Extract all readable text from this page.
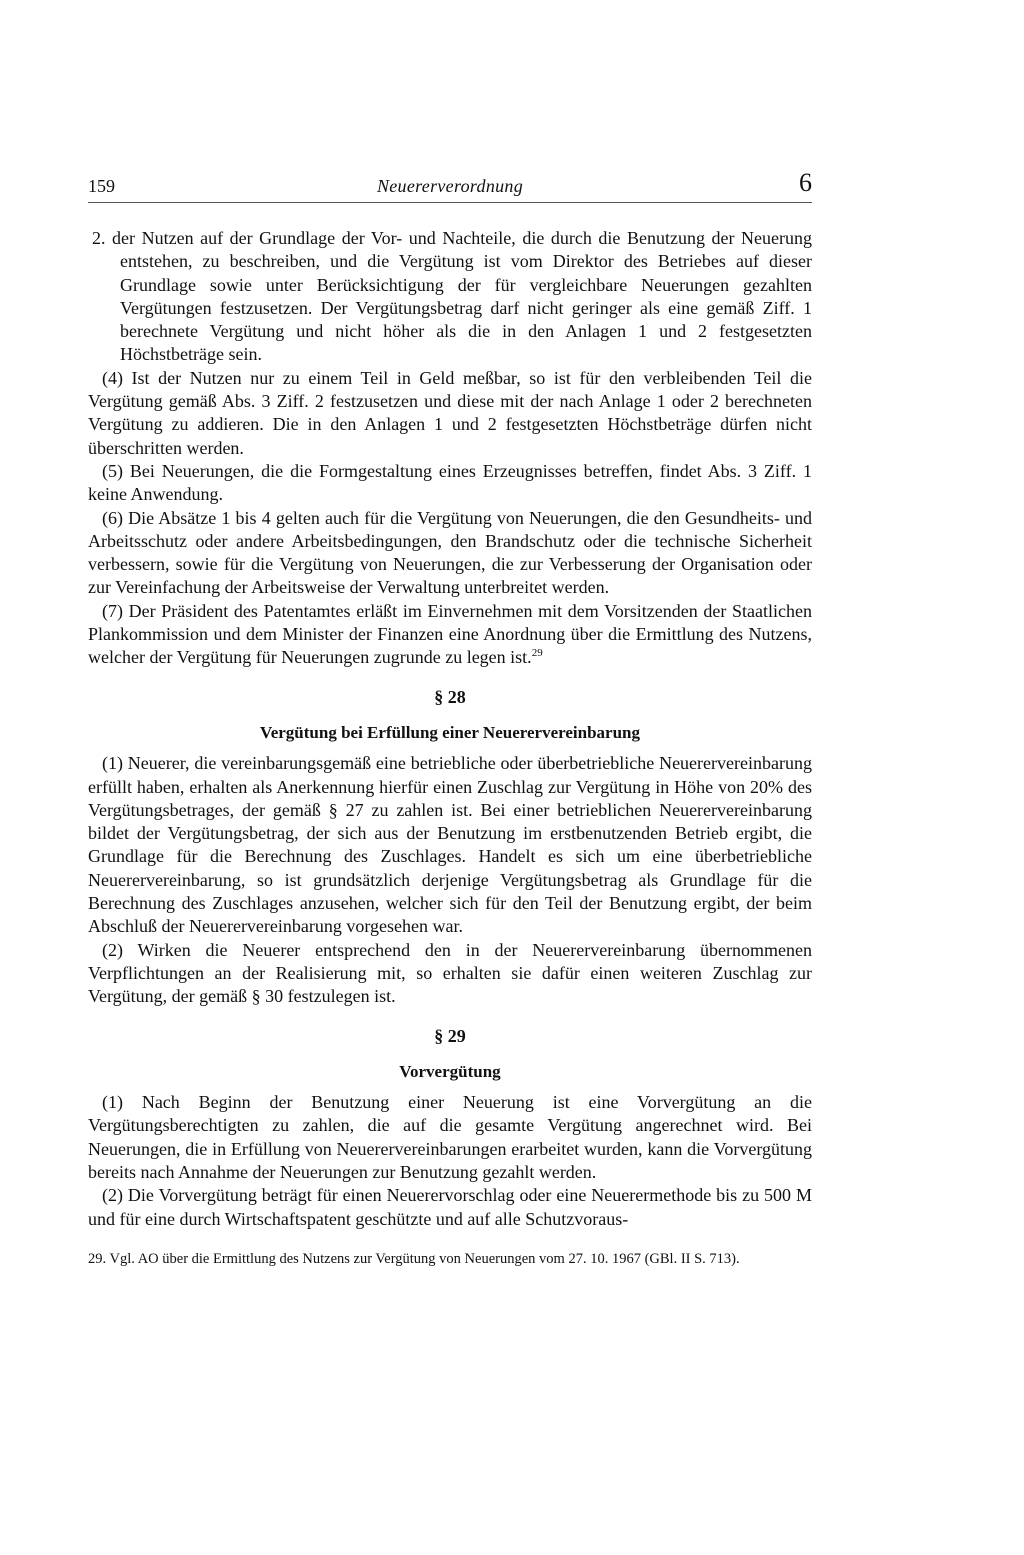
159	Neuererverordnung	6

2. der Nutzen auf der Grundlage der Vor- und Nachteile, die durch die Benutzung der Neuerung entstehen, zu beschreiben, und die Vergütung ist vom Direktor des Betriebes auf dieser Grundlage sowie unter Berücksichtigung der für vergleichbare Neuerungen gezahlten Vergütungen festzusetzen. Der Vergütungsbetrag darf nicht geringer als eine gemäß Ziff. 1 berechnete Vergütung und nicht höher als die in den Anlagen 1 und 2 festgesetzten Höchstbeträge sein.

(4) Ist der Nutzen nur zu einem Teil in Geld meßbar, so ist für den verbleibenden Teil die Vergütung gemäß Abs. 3 Ziff. 2 festzusetzen und diese mit der nach Anlage 1 oder 2 berechneten Vergütung zu addieren. Die in den Anlagen 1 und 2 festgesetzten Höchstbeträge dürfen nicht überschritten werden.

(5) Bei Neuerungen, die die Formgestaltung eines Erzeugnisses betreffen, findet Abs. 3 Ziff. 1 keine Anwendung.

(6) Die Absätze 1 bis 4 gelten auch für die Vergütung von Neuerungen, die den Gesundheits- und Arbeitsschutz oder andere Arbeitsbedingungen, den Brandschutz oder die technische Sicherheit verbessern, sowie für die Vergütung von Neuerungen, die zur Verbesserung der Organisation oder zur Vereinfachung der Arbeitsweise der Verwaltung unterbreitet werden.

(7) Der Präsident des Patentamtes erläßt im Einvernehmen mit dem Vorsitzenden der Staatlichen Plankommission und dem Minister der Finanzen eine Anordnung über die Ermittlung des Nutzens, welcher der Vergütung für Neuerungen zugrunde zu legen ist.$^{29}$

§ 28
Vergütung bei Erfüllung einer Neuerervereinbarung

(1) Neuerer, die vereinbarungsgemäß eine betriebliche oder überbetriebliche Neuerervereinbarung erfüllt haben, erhalten als Anerkennung hierfür einen Zuschlag zur Vergütung in Höhe von 20% des Vergütungsbetrages, der gemäß § 27 zu zahlen ist. Bei einer betrieblichen Neuerervereinbarung bildet der Vergütungsbetrag, der sich aus der Benutzung im erstbenutzenden Betrieb ergibt, die Grundlage für die Berechnung des Zuschlages. Handelt es sich um eine überbetriebliche Neuerervereinbarung, so ist grundsätzlich derjenige Vergütungsbetrag als Grundlage für die Berechnung des Zuschlages anzusehen, welcher sich für den Teil der Benutzung ergibt, der beim Abschluß der Neuerervereinbarung vorgesehen war.

(2) Wirken die Neuerer entsprechend den in der Neuerervereinbarung übernommenen Verpflichtungen an der Realisierung mit, so erhalten sie dafür einen weiteren Zuschlag zur Vergütung, der gemäß § 30 festzulegen ist.

§ 29
Vorvergütung

(1) Nach Beginn der Benutzung einer Neuerung ist eine Vorvergütung an die Vergütungsberechtigten zu zahlen, die auf die gesamte Vergütung angerechnet wird. Bei Neuerungen, die in Erfüllung von Neuerervereinbarungen erarbeitet wurden, kann die Vorvergütung bereits nach Annahme der Neuerungen zur Benutzung gezahlt werden.

(2) Die Vorvergütung beträgt für einen Neuerervorschlag oder eine Neuerermethode bis zu 500 M und für eine durch Wirtschaftspatent geschützte und auf alle Schutzvoraus-

29. Vgl. AO über die Ermittlung des Nutzens zur Vergütung von Neuerungen vom 27. 10. 1967 (GBl. II S. 713).
